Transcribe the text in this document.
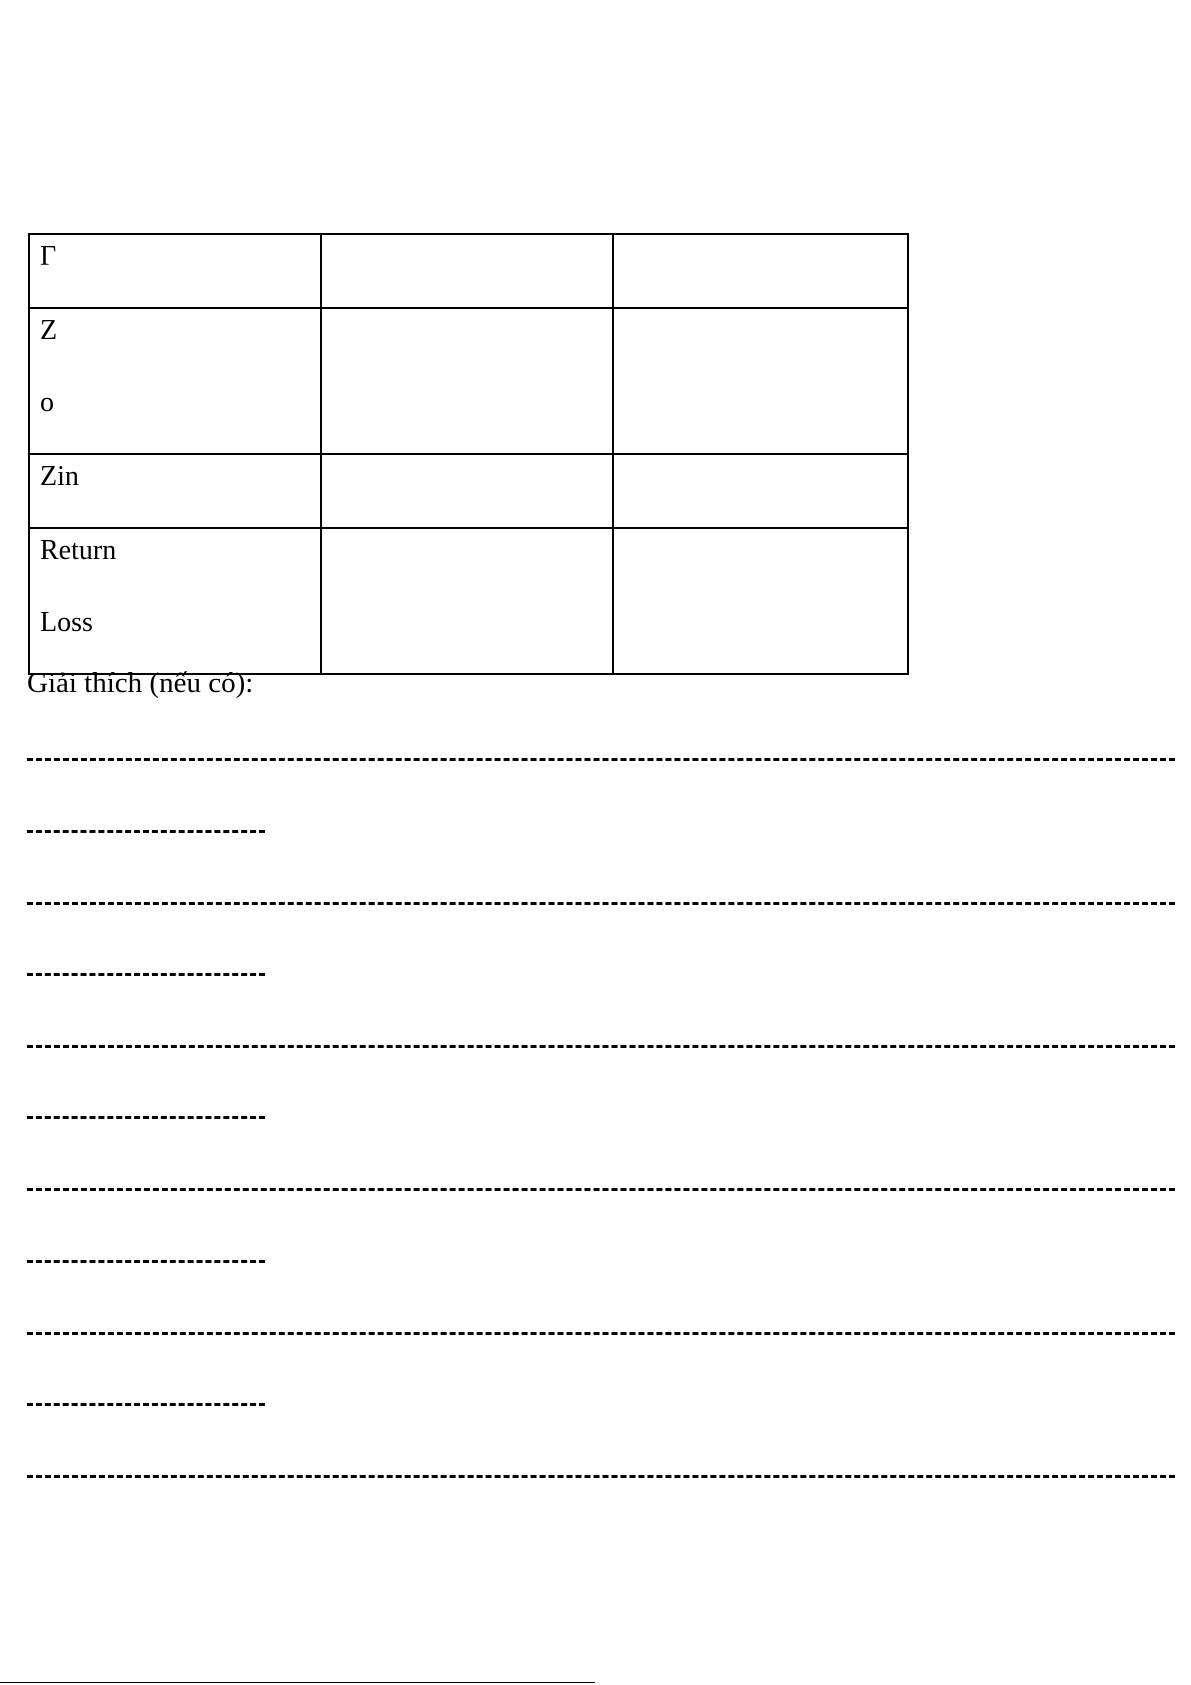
Γ		

Z
o		

Zin		

Return
Loss		

Giải thích (nếu có):
